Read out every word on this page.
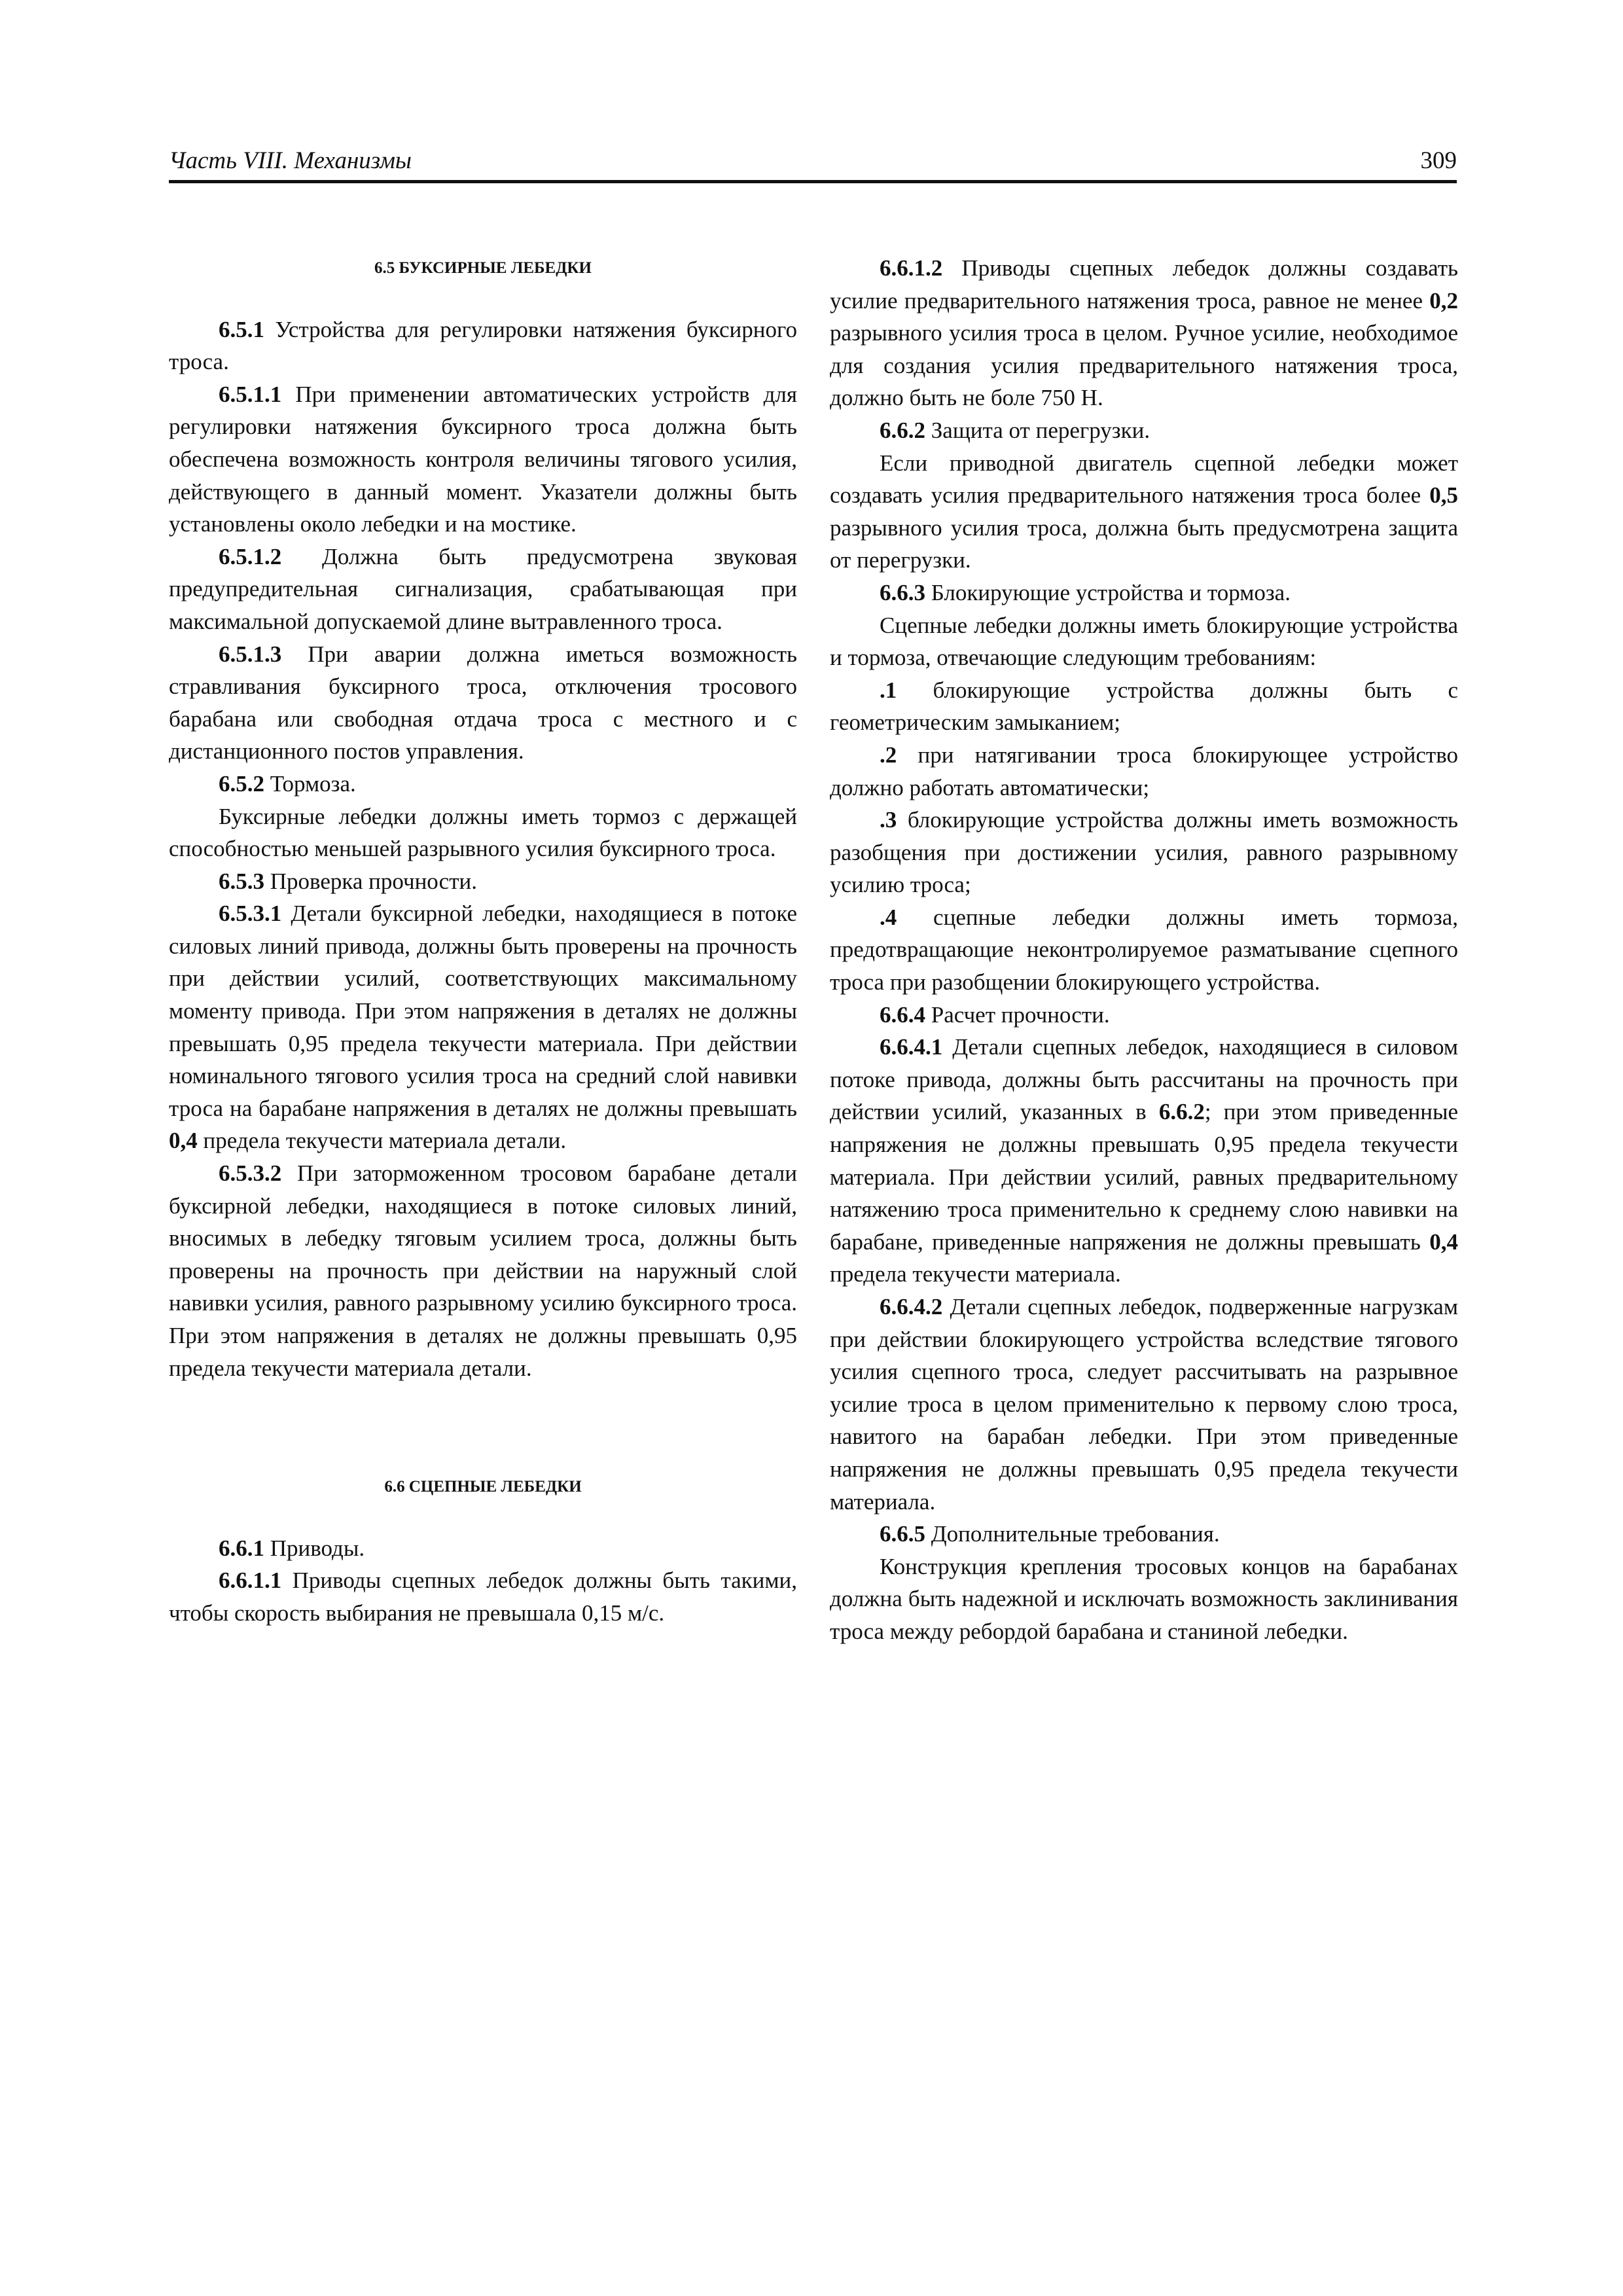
Часть VIII. Механизмы	309
6.5 БУКСИРНЫЕ ЛЕБЕДКИ

6.5.1 Устройства для регулировки натяжения буксирного троса.

6.5.1.1 При применении автоматических устройств для регулировки натяжения буксирного троса должна быть обеспечена возможность контроля величины тягового усилия, действующего в данный момент. Указатели должны быть установлены около лебедки и на мостике.

6.5.1.2 Должна быть предусмотрена звуковая предупредительная сигнализация, срабатывающая при максимальной допускаемой длине вытравленного троса.

6.5.1.3 При аварии должна иметься возможность стравливания буксирного троса, отключения тросового барабана или свободная отдача троса с местного и с дистанционного постов управления.

6.5.2 Тормоза.

Буксирные лебедки должны иметь тормоз с держащей способностью меньшей разрывного усилия буксирного троса.

6.5.3 Проверка прочности.

6.5.3.1 Детали буксирной лебедки, находящиеся в потоке силовых линий привода, должны быть проверены на прочность при действии усилий, соответствующих максимальному моменту привода. При этом напряжения в деталях не должны превышать 0,95 предела текучести материала. При действии номинального тягового усилия троса на средний слой навивки троса на барабане напряжения в деталях не должны превышать 0,4 предела текучести материала детали.

6.5.3.2 При заторможенном тросовом барабане детали буксирной лебедки, находящиеся в потоке силовых линий, вносимых в лебедку тяговым усилием троса, должны быть проверены на прочность при действии на наружный слой навивки усилия, равного разрывному усилию буксирного троса. При этом напряжения в деталях не должны превышать 0,95 предела текучести материала детали.

6.6 СЦЕПНЫЕ ЛЕБЕДКИ

6.6.1 Приводы.

6.6.1.1 Приводы сцепных лебедок должны быть такими, чтобы скорость выбирания не превышала 0,15 м/с.

6.6.1.2 Приводы сцепных лебедок должны создавать усилие предварительного натяжения троса, равное не менее 0,2 разрывного усилия троса в целом. Ручное усилие, необходимое для создания усилия предварительного натяжения троса, должно быть не боле 750 Н.

6.6.2 Защита от перегрузки.

Если приводной двигатель сцепной лебедки может создавать усилия предварительного натяжения троса более 0,5 разрывного усилия троса, должна быть предусмотрена защита от перегрузки.

6.6.3 Блокирующие устройства и тормоза.

Сцепные лебедки должны иметь блокирующие устройства и тормоза, отвечающие следующим требованиям:

.1 блокирующие устройства должны быть с геометрическим замыканием;

.2 при натягивании троса блокирующее устройство должно работать автоматически;

.3 блокирующие устройства должны иметь возможность разобщения при достижении усилия, равного разрывному усилию троса;

.4 сцепные лебедки должны иметь тормоза, предотвращающие неконтролируемое разматывание сцепного троса при разобщении блокирующего устройства.

6.6.4 Расчет прочности.

6.6.4.1 Детали сцепных лебедок, находящиеся в силовом потоке привода, должны быть рассчитаны на прочность при действии усилий, указанных в 6.6.2; при этом приведенные напряжения не должны превышать 0,95 предела текучести материала. При действии усилий, равных предварительному натяжению троса применительно к среднему слою навивки на барабане, приведенные напряжения не должны превышать 0,4 предела текучести материала.

6.6.4.2 Детали сцепных лебедок, подверженные нагрузкам при действии блокирующего устройства вследствие тягового усилия сцепного троса, следует рассчитывать на разрывное усилие троса в целом применительно к первому слою троса, навитого на барабан лебедки. При этом приведенные напряжения не должны превышать 0,95 предела текучести материала.

6.6.5 Дополнительные требования.

Конструкция крепления тросовых концов на барабанах должна быть надежной и исключать возможность заклинивания троса между ребордой барабана и станиной лебедки.
